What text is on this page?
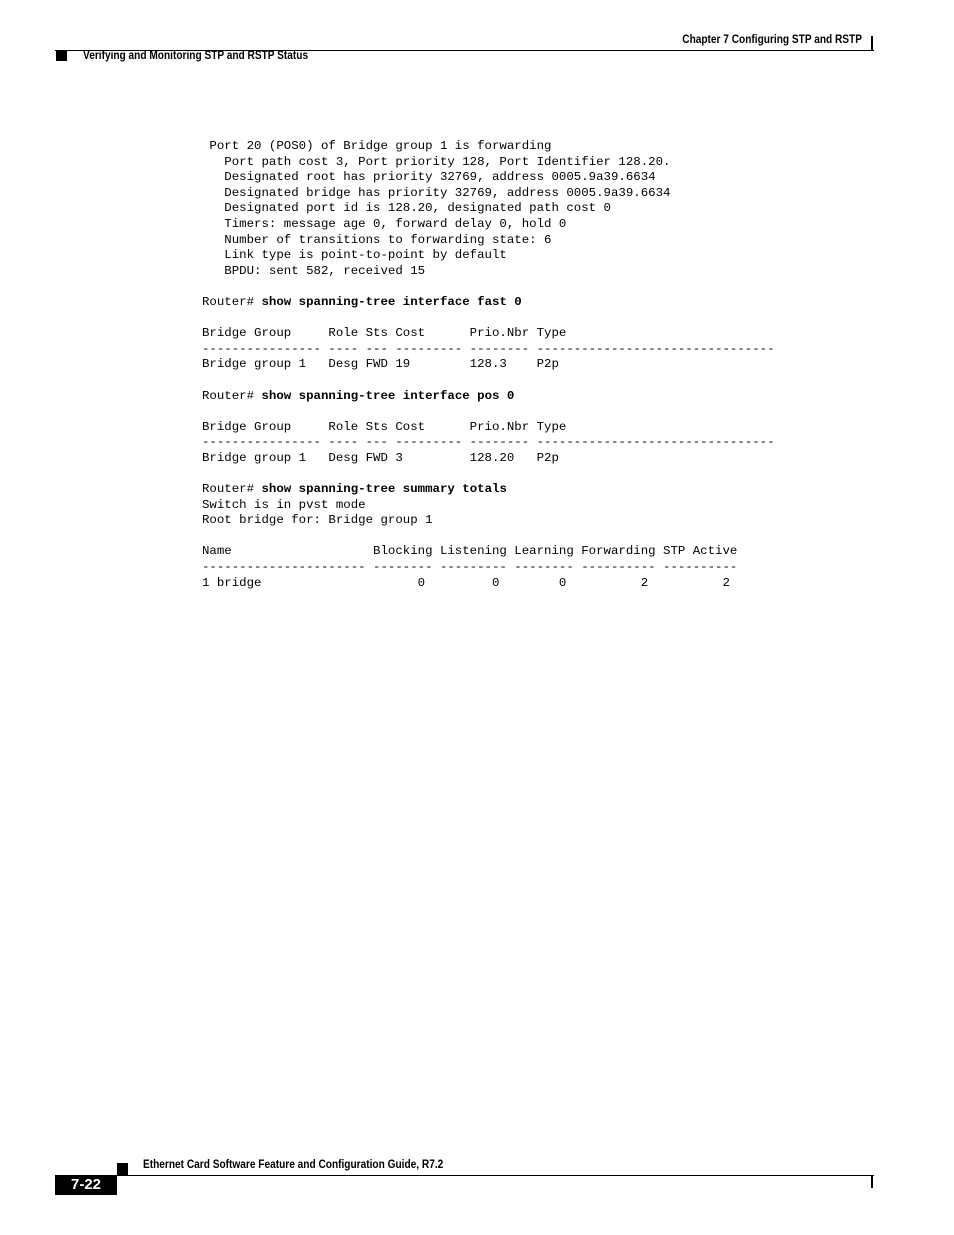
Chapter 7 Configuring STP and RSTP
Verifying and Monitoring STP and RSTP Status
Port 20 (POS0) of Bridge group 1 is forwarding
Port path cost 3, Port priority 128, Port Identifier 128.20.
Designated root has priority 32769, address 0005.9a39.6634
Designated bridge has priority 32769, address 0005.9a39.6634
Designated port id is 128.20, designated path cost 0
Timers: message age 0, forward delay 0, hold 0
Number of transitions to forwarding state: 6
Link type is point-to-point by default
BPDU: sent 582, received 15
Router# show spanning-tree interface fast 0
Bridge Group     Role Sts Cost      Prio.Nbr Type
---------------- ---- --- --------- -------- --------------------------------
Bridge group 1   Desg FWD 19        128.3    P2p
Router# show spanning-tree interface pos 0
Bridge Group     Role Sts Cost      Prio.Nbr Type
---------------- ---- --- --------- -------- --------------------------------
Bridge group 1   Desg FWD 3         128.20   P2p
Router# show spanning-tree summary totals
Switch is in pvst mode
Root bridge for: Bridge group 1
Name                   Blocking Listening Learning Forwarding STP Active
---------------------- -------- --------- -------- ---------- ----------
1 bridge                     0         0        0          2          2
Ethernet Card Software Feature and Configuration Guide, R7.2
7-22
